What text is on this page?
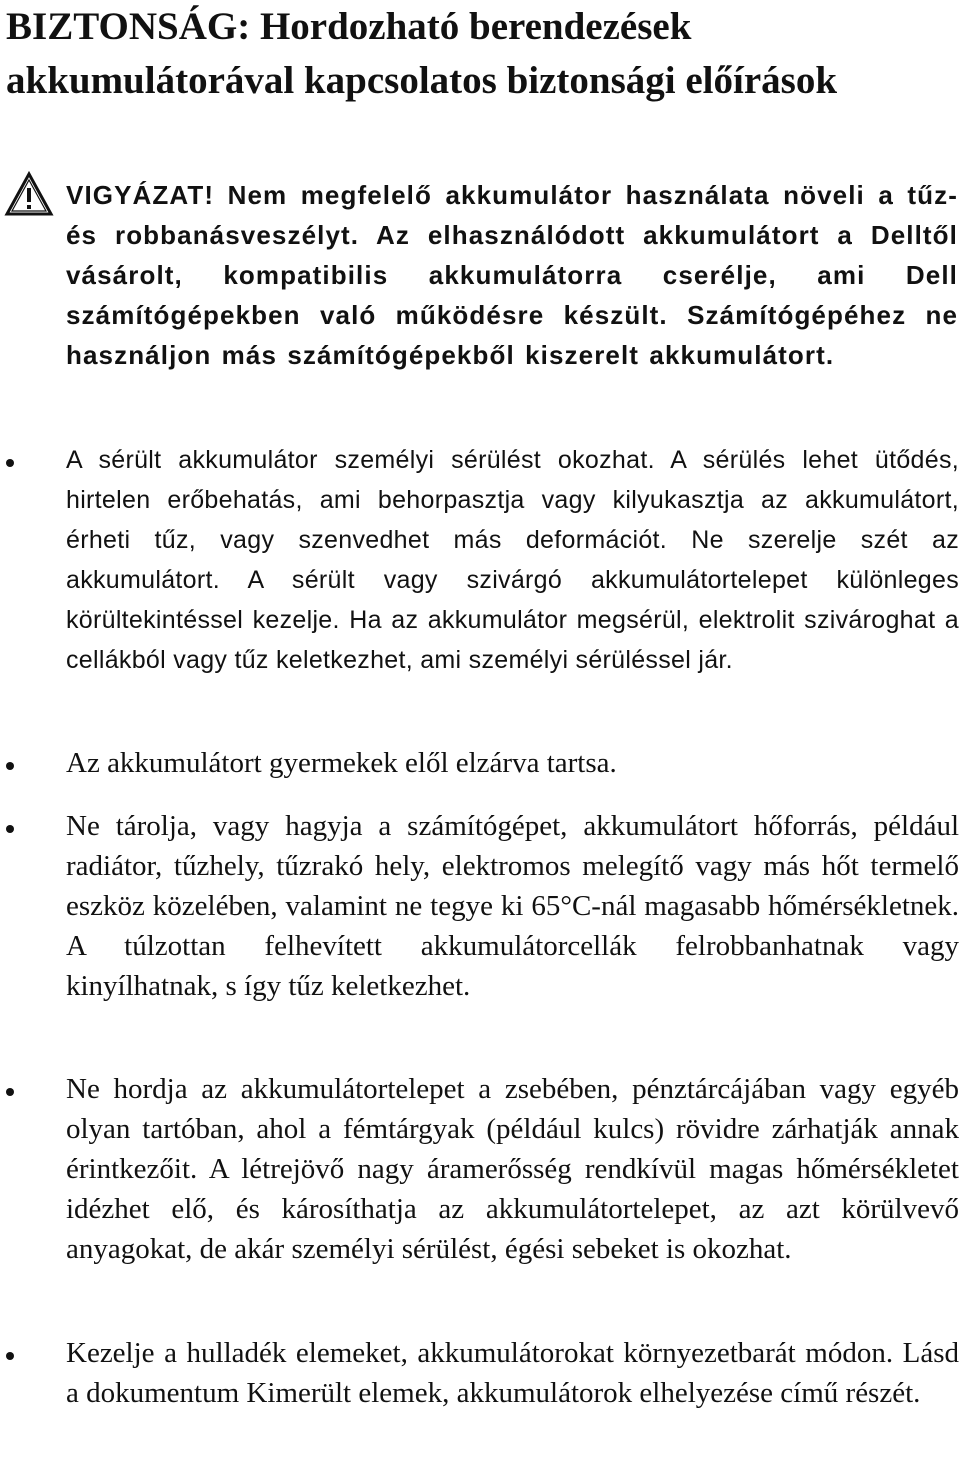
BIZTONSÁG: Hordozható berendezések akkumulátorával kapcsolatos biztonsági előírások

VIGYÁZAT! Nem megfelelő akkumulátor használata növeli a tűz- és robbanásveszélyt. Az elhasználódott akkumulátort a Delltől vásárolt, kompatibilis akkumulátorra cserélje, ami Dell számítógépekben való működésre készült. Számítógépéhez ne használjon más számítógépekből kiszerelt akkumulátort.

A sérült akkumulátor személyi sérülést okozhat. A sérülés lehet ütődés, hirtelen erőbehatás, ami behorpasztja vagy kilyukasztja az akkumulátort, érheti tűz, vagy szenvedhet más deformációt. Ne szerelje szét az akkumulátort. A sérült vagy szivárgó akkumulátortelepet különleges körültekintéssel kezelje. Ha az akkumulátor megsérül, elektrolit szivároghat a cellákból vagy tűz keletkezhet, ami személyi sérüléssel jár.

Az akkumulátort gyermekek elől elzárva tartsa.

Ne tárolja, vagy hagyja a számítógépet, akkumulátort hőforrás, például radiátor, tűzhely, tűzrakó hely, elektromos melegítő vagy más hőt termelő eszköz közelében, valamint ne tegye ki 65°C-nál magasabb hőmérsékletnek. A túlzottan felhevített akkumulátorcellák felrobbanhatnak vagy kinyílhatnak, s így tűz keletkezhet.

Ne hordja az akkumulátortelepet a zsebében, pénztárcájában vagy egyéb olyan tartóban, ahol a fémtárgyak (például kulcs) rövidre zárhatják annak érintkezőit. A létrejövő nagy áramerősség rendkívül magas hőmérsékletet idézhet elő, és károsíthatja az akkumulátortelepet, az azt körülvevő anyagokat, de akár személyi sérülést, égési sebeket is okozhat.

Kezelje a hulladék elemeket, akkumulátorokat környezetbarát módon. Lásd a dokumentum Kimerült elemek, akkumulátorok elhelyezése című részét.
